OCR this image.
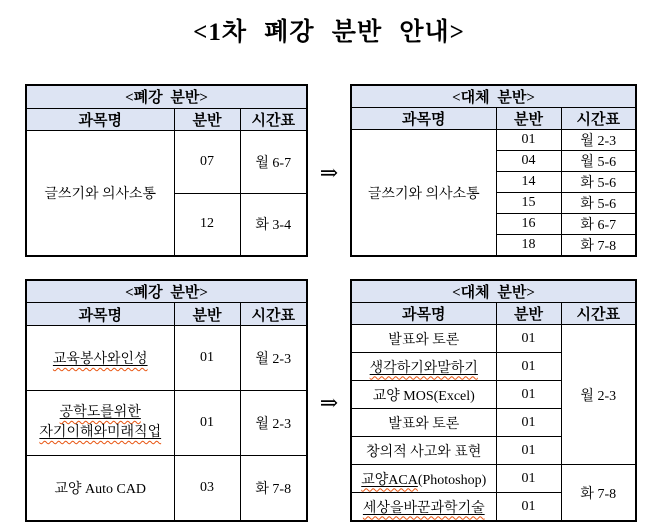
<1차 폐강 분반 안내>
<폐강 분반>		
과목명	분반	시간표
글쓰기와 의사소통	07	월 6-7
	12	화 3-4
⇒
<대체 분반>		
과목명	분반	시간표
글쓰기와 의사소통	01	월 2-3
	04	월 5-6
	14	화 5-6
	15	화 5-6
	16	화 6-7
	18	화 7-8
<폐강 분반>		
과목명	분반	시간표
교육봉사와인성	01	월 2-3

공학도를위한
자기이해와미래직업	01	월 2-3
교양 Auto CAD	03	화 7-8
⇒
<대체 분반>		
과목명	분반	시간표
발표와 토론	01	월 2-3
생각하기와말하기	01	
교양 MOS(Excel)	01	
발표와 토론	01	
창의적 사고와 표현	01	
교양ACA(Photoshop)	01	화 7-8
세상을바꾼과학기술	01	
